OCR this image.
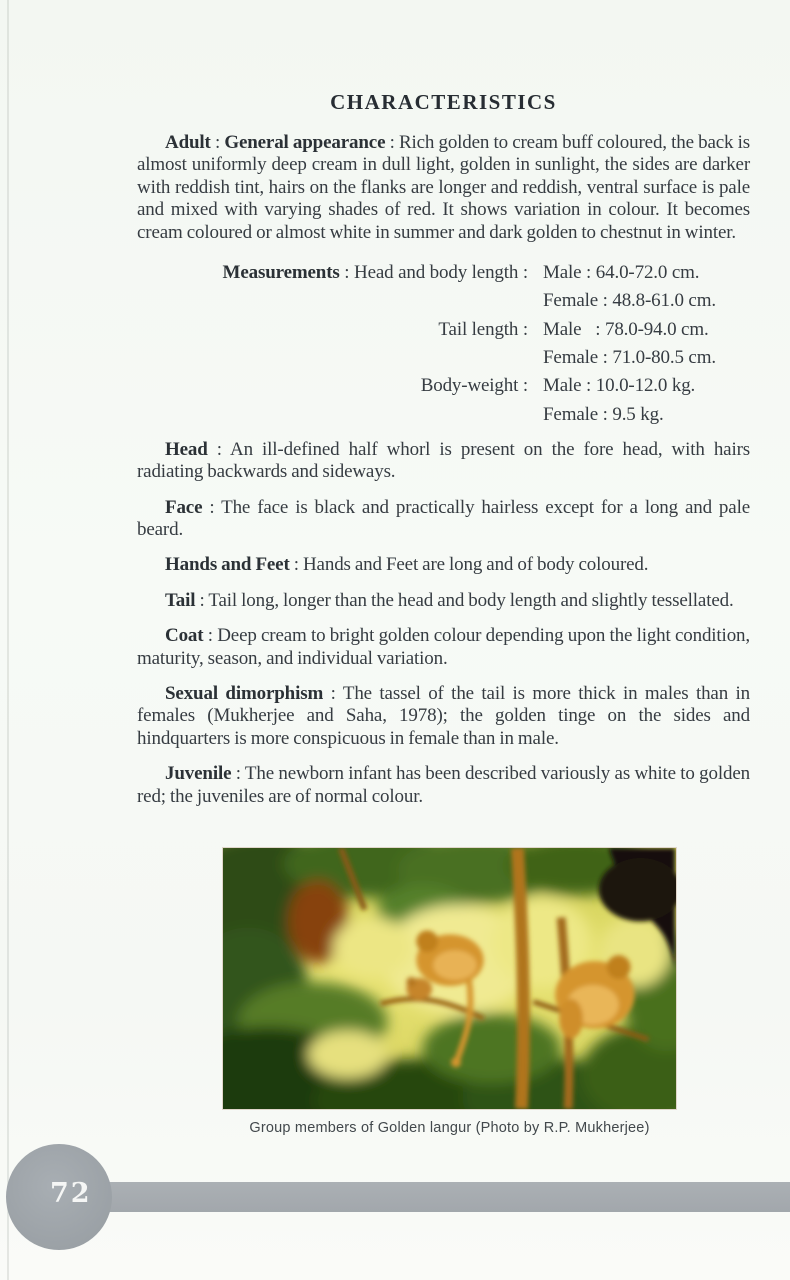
CHARACTERISTICS

Adult : General appearance : Rich golden to cream buff coloured, the back is almost uniformly deep cream in dull light, golden in sunlight, the sides are darker with reddish tint, hairs on the flanks are longer and reddish, ventral surface is pale and mixed with varying shades of red. It shows variation in colour. It becomes cream coloured or almost white in summer and dark golden to chestnut in winter.

Measurements : Head and body length : Male : 64.0-72.0 cm.
Female : 48.8-61.0 cm.
Tail length : Male   : 78.0-94.0 cm.
Female : 71.0-80.5 cm.
Body-weight : Male : 10.0-12.0 kg.
Female : 9.5 kg.

Head : An ill-defined half whorl is present on the fore head, with hairs radiating backwards and sideways.

Face : The face is black and practically hairless except for a long and pale beard.

Hands and Feet : Hands and Feet are long and of body coloured.

Tail : Tail long, longer than the head and body length and slightly tessellated.

Coat : Deep cream to bright golden colour depending upon the light condition, maturity, season, and individual variation.

Sexual dimorphism : The tassel of the tail is more thick in males than in females (Mukherjee and Saha, 1978); the golden tinge on the sides and hindquarters is more conspicuous in female than in male.

Juvenile : The newborn infant has been described variously as white to golden red; the juveniles are of normal colour.

Group members of Golden langur (Photo by R.P. Mukherjee)
72
